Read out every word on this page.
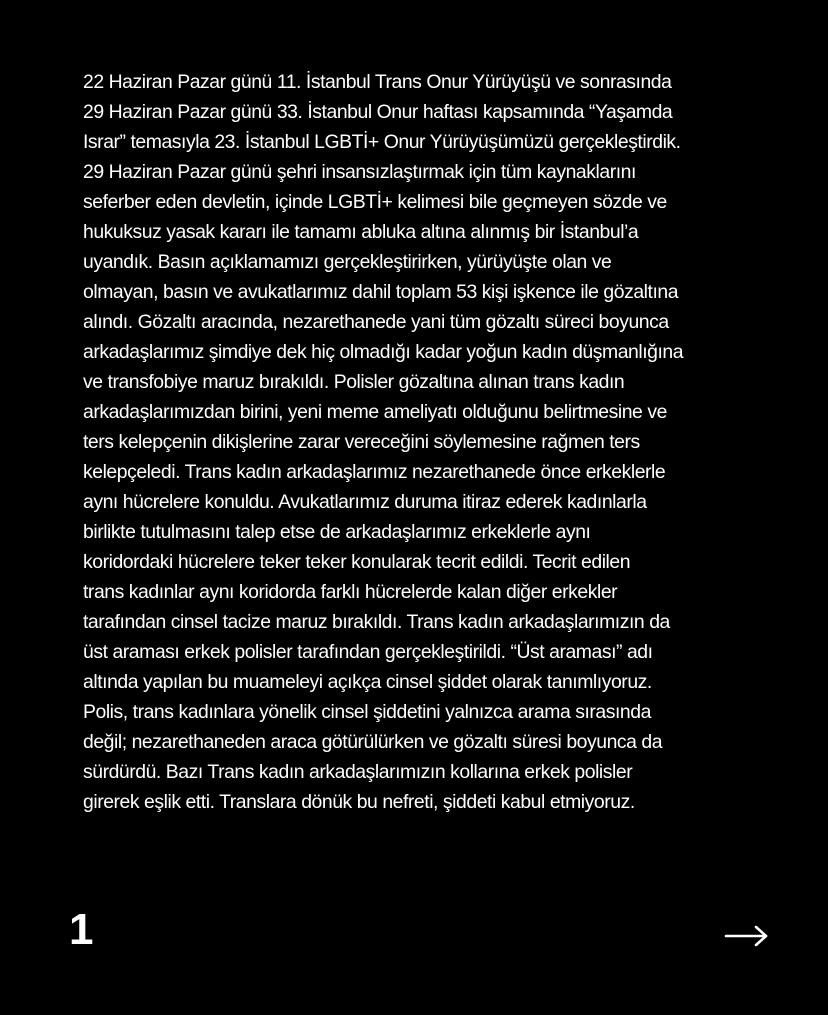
22 Haziran Pazar günü 11. İstanbul Trans Onur Yürüyüşü ve sonrasında
29 Haziran Pazar günü 33. İstanbul Onur haftası kapsamında “Yaşamda
Israr” temasıyla 23. İstanbul LGBTİ+ Onur Yürüyüşümüzü gerçekleştirdik.
29 Haziran Pazar günü şehri insansızlaştırmak için tüm kaynaklarını
seferber eden devletin, içinde LGBTİ+ kelimesi bile geçmeyen sözde ve
hukuksuz yasak kararı ile tamamı abluka altına alınmış bir İstanbul’a
uyandık. Basın açıklamamızı gerçekleştirirken, yürüyüşte olan ve
olmayan, basın ve avukatlarımız dahil toplam 53 kişi işkence ile gözaltına
alındı. Gözaltı aracında, nezarethanede yani tüm gözaltı süreci boyunca
arkadaşlarımız şimdiye dek hiç olmadığı kadar yoğun kadın düşmanlığına
ve transfobiye maruz bırakıldı. Polisler gözaltına alınan trans kadın
arkadaşlarımızdan birini, yeni meme ameliyatı olduğunu belirtmesine ve
ters kelepçenin dikişlerine zarar vereceğini söylemesine rağmen ters
kelepçeledi. Trans kadın arkadaşlarımız nezarethanede önce erkeklerle
aynı hücrelere konuldu. Avukatlarımız duruma itiraz ederek kadınlarla
birlikte tutulmasını talep etse de arkadaşlarımız erkeklerle aynı
koridordaki hücrelere teker teker konularak tecrit edildi. Tecrit edilen
trans kadınlar aynı koridorda farklı hücrelerde kalan diğer erkekler
tarafından cinsel tacize maruz bırakıldı. Trans kadın arkadaşlarımızın da
üst araması erkek polisler tarafından gerçekleştirildi. “Üst araması” adı
altında yapılan bu muameleyi açıkça cinsel şiddet olarak tanımlıyoruz.
Polis, trans kadınlara yönelik cinsel şiddetini yalnızca arama sırasında
değil; nezarethaneden araca götürülürken ve gözaltı süresi boyunca da
sürdürdü. Bazı Trans kadın arkadaşlarımızın kollarına erkek polisler
girerek eşlik etti. Translara dönük bu nefreti, şiddeti kabul etmiyoruz.

1
